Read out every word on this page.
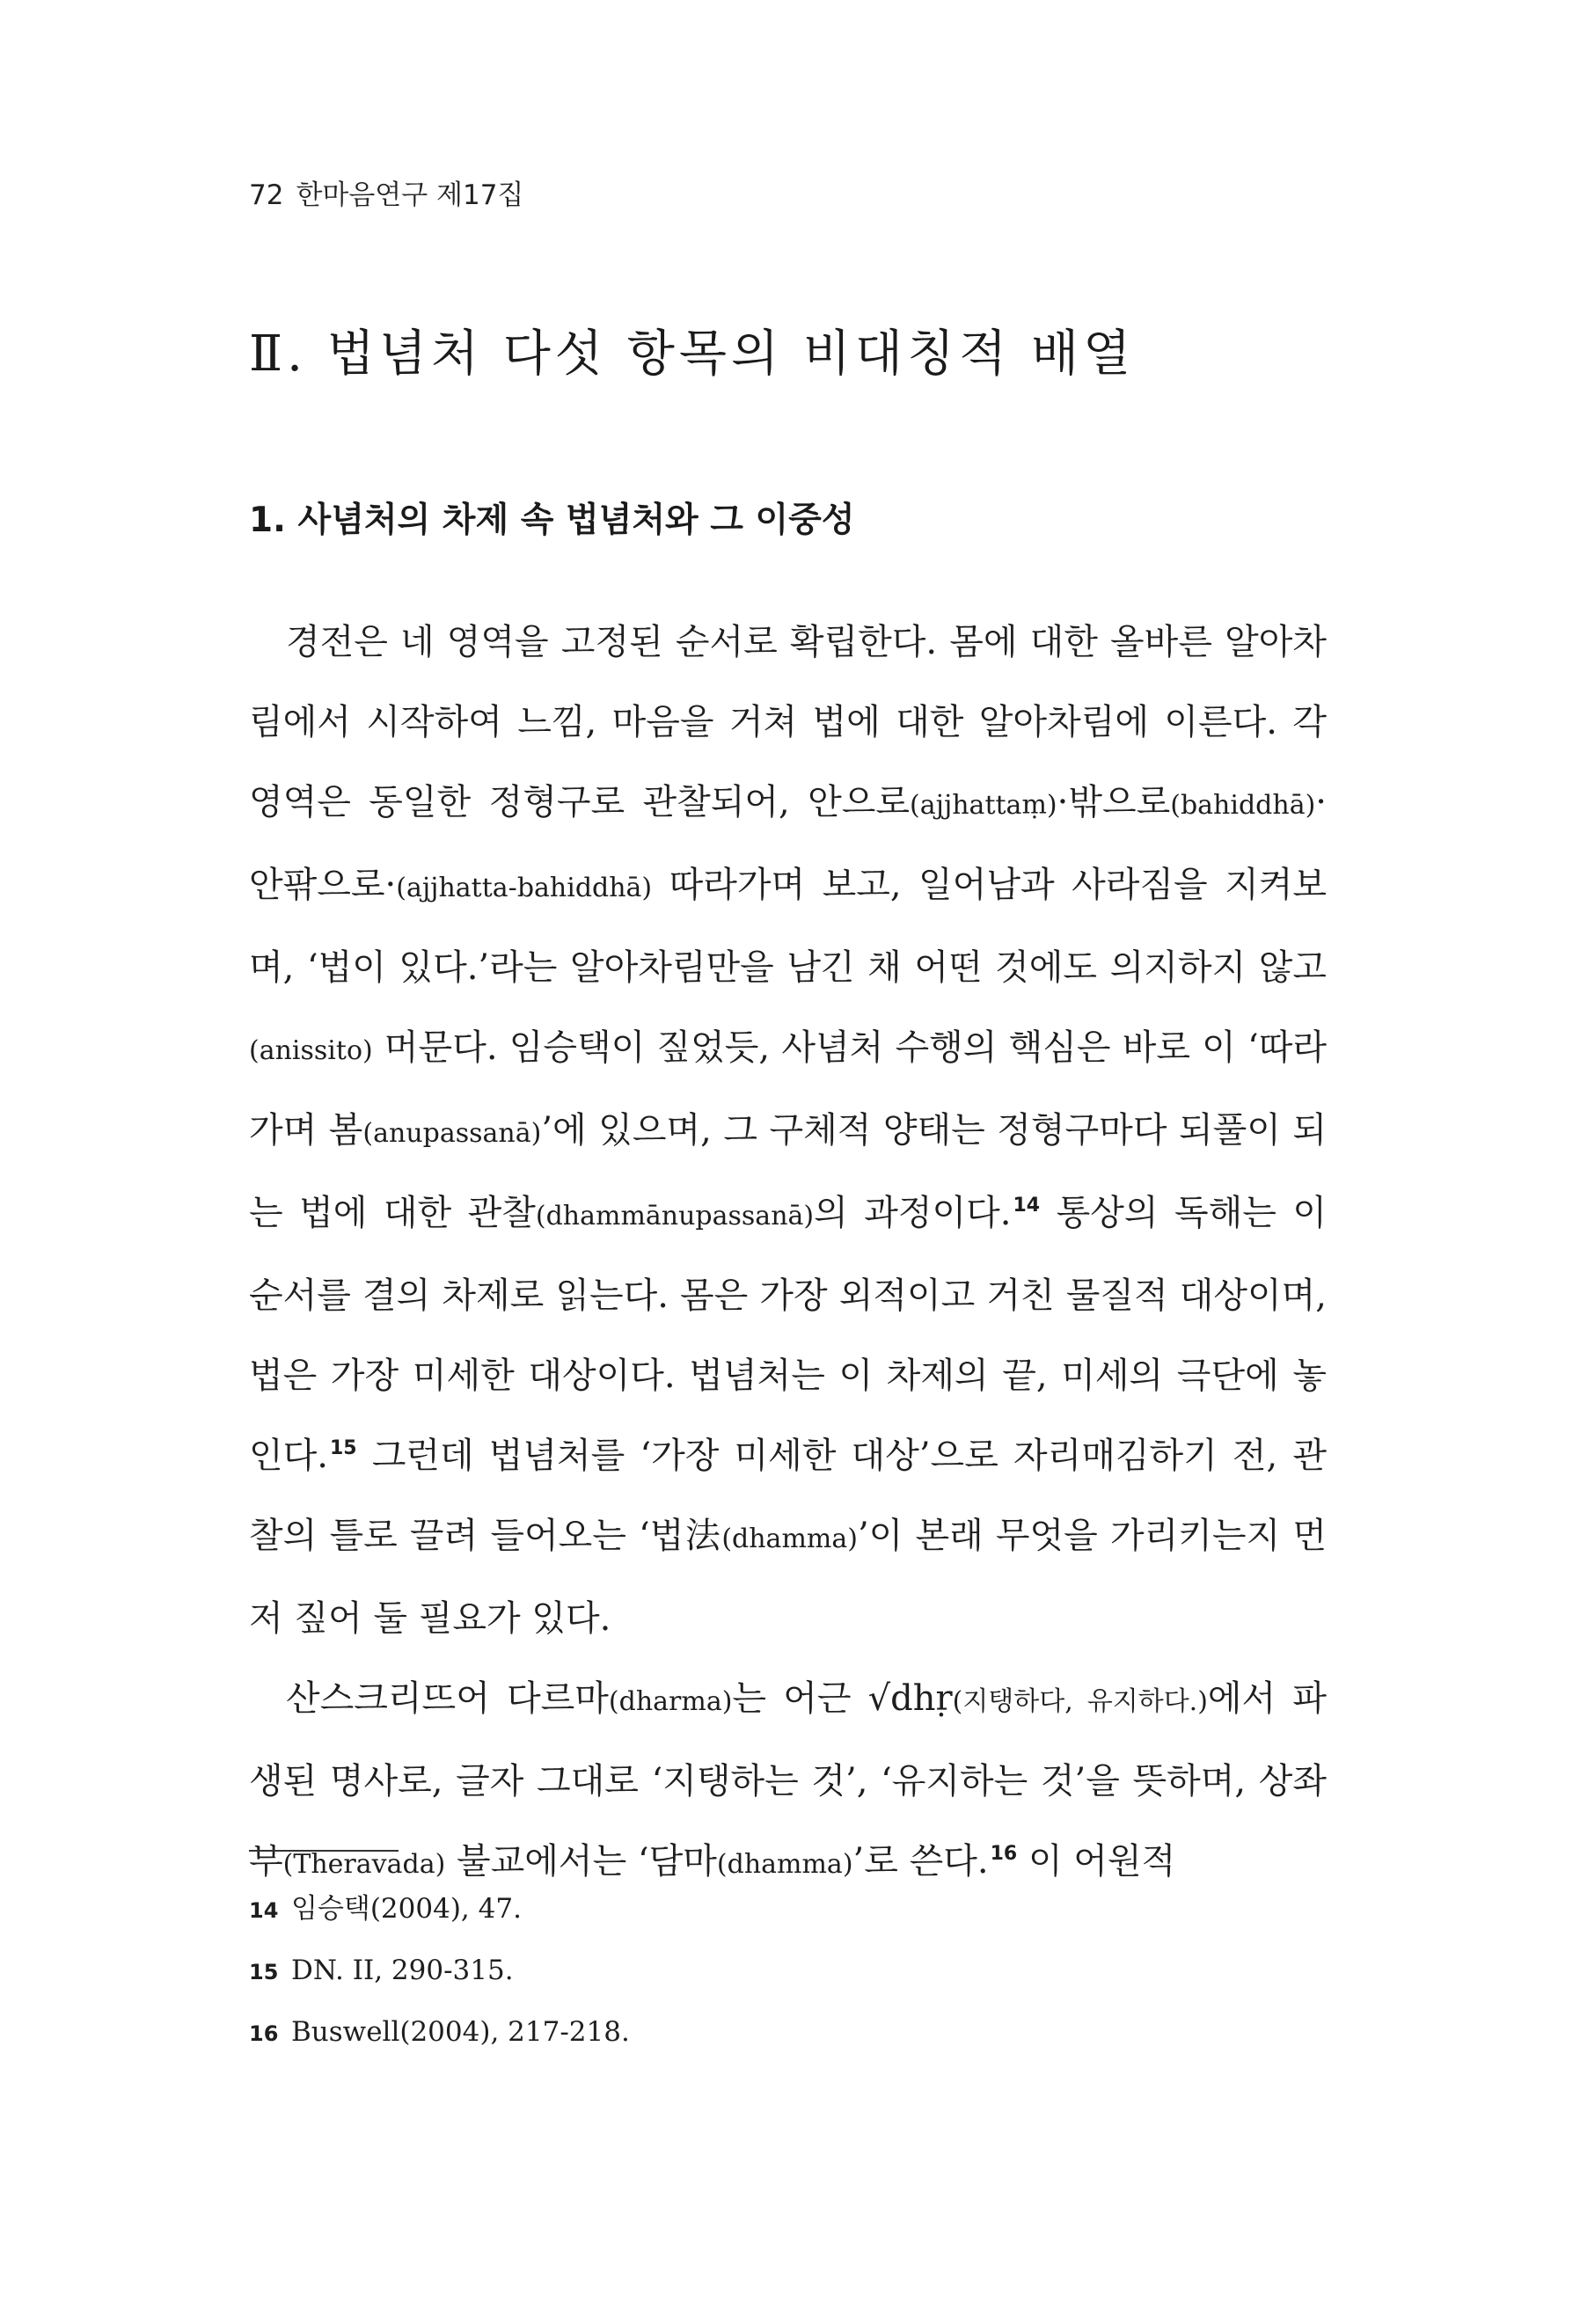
72 한마음연구 제17집
Ⅱ. 법념처 다섯 항목의 비대칭적 배열
1. 사념처의 차제 속 법념처와 그 이중성

경전은 네 영역을 고정된 순서로 확립한다. 몸에 대한 올바른 알아차림에서 시작하여 느낌, 마음을 거쳐 법에 대한 알아차림에 이른다. 각 영역은 동일한 정형구로 관찰되어, 안으로(ajjhattaṃ)·밖으로(bahiddhā)·안팎으로·(ajjhatta-bahiddhā) 따라가며 보고, 일어남과 사라짐을 지켜보며, ‘법이 있다.’라는 알아차림만을 남긴 채 어떤 것에도 의지하지 않고(anissito) 머문다. 임승택이 짚었듯, 사념처 수행의 핵심은 바로 이 ‘따라가며 봄(anupassanā)’에 있으며, 그 구체적 양태는 정형구마다 되풀이 되는 법에 대한 관찰(dhammānupassanā)의 과정이다.$^{14}$ 통상의 독해는 이 순서를 결의 차제로 읽는다. 몸은 가장 외적이고 거친 물질적 대상이며, 법은 가장 미세한 대상이다. 법념처는 이 차제의 끝, 미세의 극단에 놓인다.$^{15}$ 그런데 법념처를 ‘가장 미세한 대상’으로 자리매김하기 전, 관찰의 틀로 끌려 들어오는 ‘법法(dhamma)’이 본래 무엇을 가리키는지 먼저 짚어 둘 필요가 있다.

산스크리뜨어 다르마(dharma)는 어근 √dhṛ(지탱하다, 유지하다.)에서 파생된 명사로, 글자 그대로 ‘지탱하는 것’, ‘유지하는 것’을 뜻하며, 상좌부(Theravada) 불교에서는 ‘담마(dhamma)’로 쓴다.$^{16}$ 이 어원적

14 임승택(2004), 47.
15 DN. II, 290-315.
16 Buswell(2004), 217-218.
